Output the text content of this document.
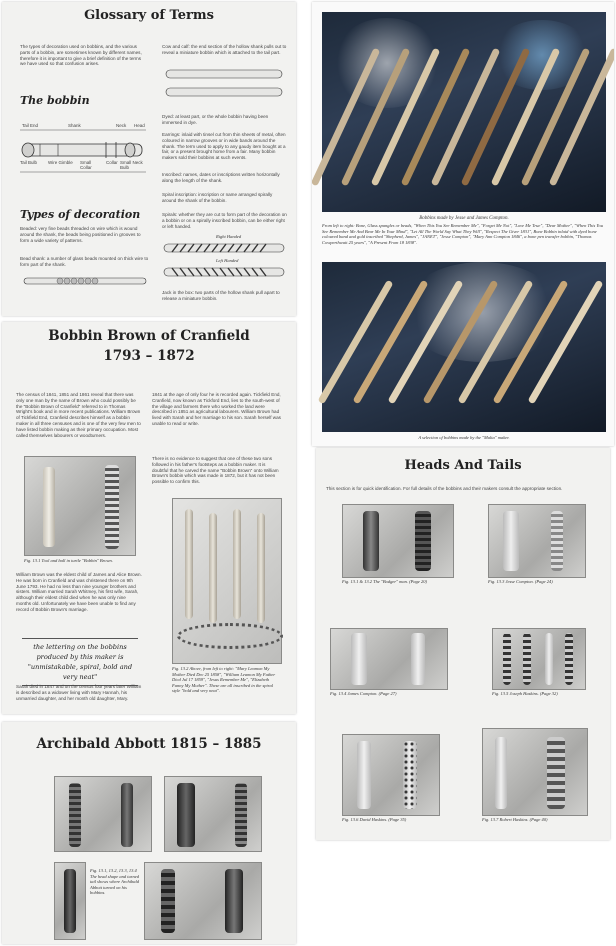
Glossary of Terms
The types of decoration used on bobbins, and the various parts of a bobbin, are sometimes known by different names, therefore it is important to give a brief definition of the terms we have used so that confusion arises.
The bobbin
Tail End	Shank	Neck Head
Tail Bulb	Wire Gimble Small Collar
Collar Small Neck Bulb
Types of decoration
Beaded: very fine beads threaded on wire which is wound around the shank, the beads being positioned in grooves to form a wide variety of patterns.
Bead shank: a number of glass beads mounted on thick wire to form part of the shank.
Cow and calf: the end section of the hollow shank pulls out to reveal a miniature bobbin which is attached to the tail part.
Dyed: at least part, or the whole bobbin having been immersed in dye.
Earrings: inlaid with tinsel cut from thin sheets of metal, often coloured in narrow grooves or in wide bands around the shank. The term used to apply to any gaudy item bought at a fair, or a present brought home from a fair. Many bobbin makers sold their bobbins at such events.
Inscribed: names, dates or inscriptions written horizontally along the length of the shank.
Spiral inscription: inscription or name arranged spirally around the shank of the bobbin.
Spirals: whether they are cut to form part of the decoration on a bobbin or on a spirally inscribed bobbin, can be either right or left handed.
Right Handed
Left Handed
Jack in the box: two parts of the hollow shank pull apart to release a miniature bobbin.
Bobbin Brown of Cranfield
1793 – 1872
The census of 1841, 1851 and 1861 reveal that there was only one man by the name of Brown who could possibly be the "Bobbin Brown of Cranfield" referred to in Thomas Wright's book and in more recent publications. William Brown of Tickfield End, Cranfield describes himself as a bobbin maker in all three censuses and is one of the very few men to have listed bobbin making as their primary occupation. Most called themselves labourers or woodturners.
1841 at the age of only four he is recorded again. Tickfield End, Cranfield, now known as Tickford End, lies to the south-west of the village and farmers there who worked the land were described in 1851 as agricultural labourers. William Brown had lived with Sarah and her marriage to his son. Sarah herself was unable to read or write.
There is no evidence to suggest that one of these two sons followed in his father's footsteps as a bobbin maker. It is doubtful that he carved the name "Bobbin Brown" onto William Brown's bobbin which was made in 1872, but it has not been possible to confirm this.
Fig. 13.1 Tool and ball in turtle "Bobbin" Brown.
William Brown was the eldest child of James and Alice Brown. He was born in Cranfield and was christened there on 9th June 1793. He had no less than nine younger brothers and sisters. William married Sarah Whitmey, his first wife, Sarah, although their eldest child died when he was only nine months old. Unfortunately we have been unable to find any record of Bobbin Brown's marriage.
the lettering on the bobbins produced by this maker is "unmistakable, spiral, bold and very neat"
Sarah died in 1847 and on the census four years later William is described as a widower living with Mary Hannah, his unmarried daughter, and her month old daughter, Mary.
Fig. 13.2 Above, from left to right: "Mary Leamon My Mother Died Dec 25 1858", "William Leamon My Father Dicd Jul 17 1859", "Jesus Remember Me", "Elizabeth Fanny My Mother". These are all inscribed in the spiral style "bold and very neat".
Archibald Abbott 1815 – 1885
Fig. 13.1, 13.2, 13.3, 13.4 The head shape and turned tail shows where Archibald Abbott turned on his bobbins.
Bobbins made by Jesse and James Compton.
From left to right: Bone, Glass spangles or beads, "When This You See Remember Me", "Forget Me Not", "Love Me True", "Dear Mother", "When This You See Remember Me And Bear Me In Your Mind", "Let All The World Say What They Will", "Respect The Giver 1831", Bone Bobbin inlaid with dyed bone coloured band and gold inscribed "Shepherd, James", "JANET", "Jesse Compton", "Mary Ann Compton 1846", a bone pen transfer bobbin, "Thomas Cowperthwait 25 years", "A Present From 18 1838".
A selection of bobbins made by the "Malta" maker.
Heads And Tails
This section is for quick identification. For full details of the bobbins and their makers consult the appropriate section.
Fig. 13.1 & 13.2 The "Bodger" man. (Page 20)	Fig. 13.3 Jesse Compton. (Page 24)
Fig. 13.4 James Compton. (Page 27)	Fig. 13.5 Joseph Haskins. (Page 32)
Fig. 13.6 David Haskins. (Page 35)	Fig. 13.7 Robert Haskins. (Page 40)
